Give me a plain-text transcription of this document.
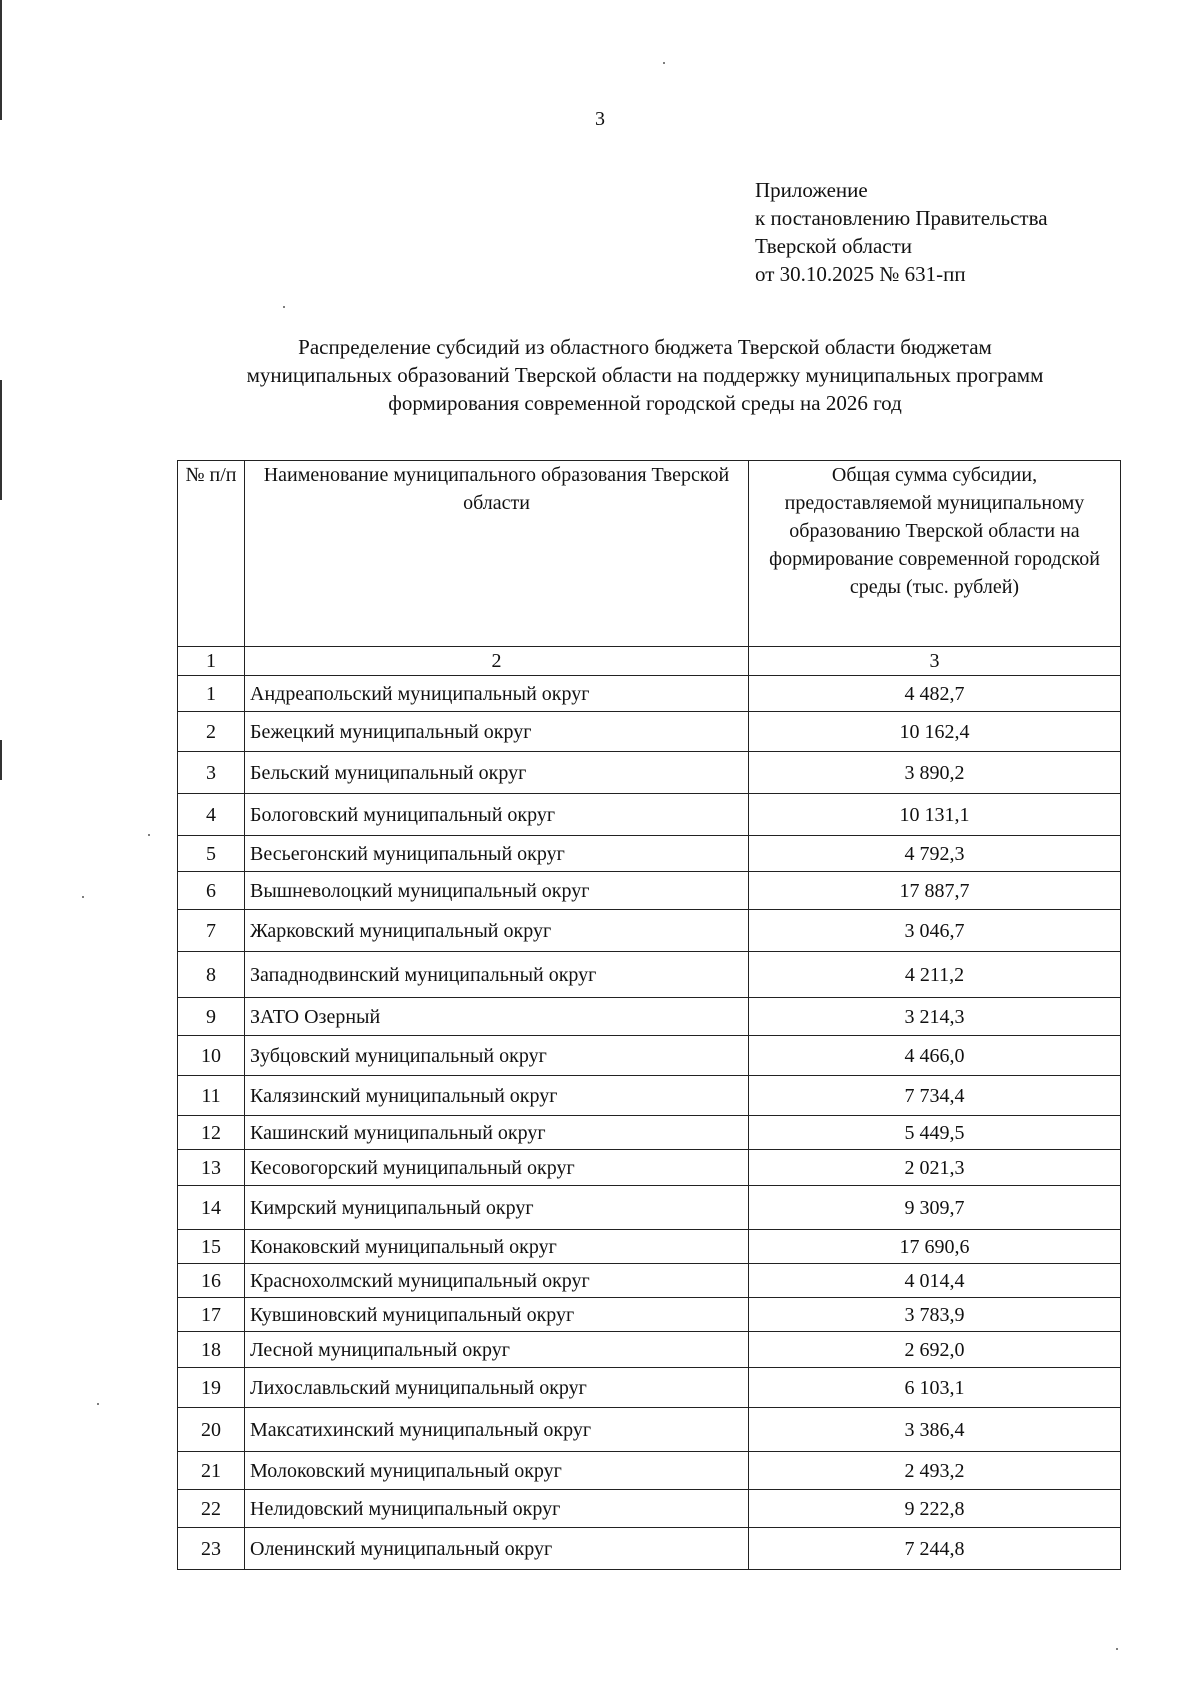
3
Приложение
к постановлению Правительства
Тверской области
от 30.10.2025 № 631-пп
Распределение субсидий из областного бюджета Тверской области бюджетам
муниципальных образований Тверской области на поддержку муниципальных программ
формирования современной городской среды на 2026 год
№ п/п	Наименование муниципального образования Тверской области	Общая сумма субсидии, предоставляемой муниципальному образованию Тверской области на формирование современной городской среды (тыс. рублей)
1	2	3
1	Андреапольский муниципальный округ	4 482,7
2	Бежецкий муниципальный округ	10 162,4
3	Бельский муниципальный округ	3 890,2
4	Бологовский муниципальный округ	10 131,1
5	Весьегонский муниципальный округ	4 792,3
6	Вышневолоцкий муниципальный округ	17 887,7
7	Жарковский муниципальный округ	3 046,7
8	Западнодвинский муниципальный округ	4 211,2
9	ЗАТО Озерный	3 214,3
10	Зубцовский муниципальный округ	4 466,0
11	Калязинский муниципальный округ	7 734,4
12	Кашинский муниципальный округ	5 449,5
13	Кесовогорский муниципальный округ	2 021,3
14	Кимрский муниципальный округ	9 309,7
15	Конаковский муниципальный округ	17 690,6
16	Краснохолмский муниципальный округ	4 014,4
17	Кувшиновский муниципальный округ	3 783,9
18	Лесной муниципальный округ	2 692,0
19	Лихославльский муниципальный округ	6 103,1
20	Максатихинский муниципальный округ	3 386,4
21	Молоковский муниципальный округ	2 493,2
22	Нелидовский муниципальный округ	9 222,8
23	Оленинский муниципальный округ	7 244,8
